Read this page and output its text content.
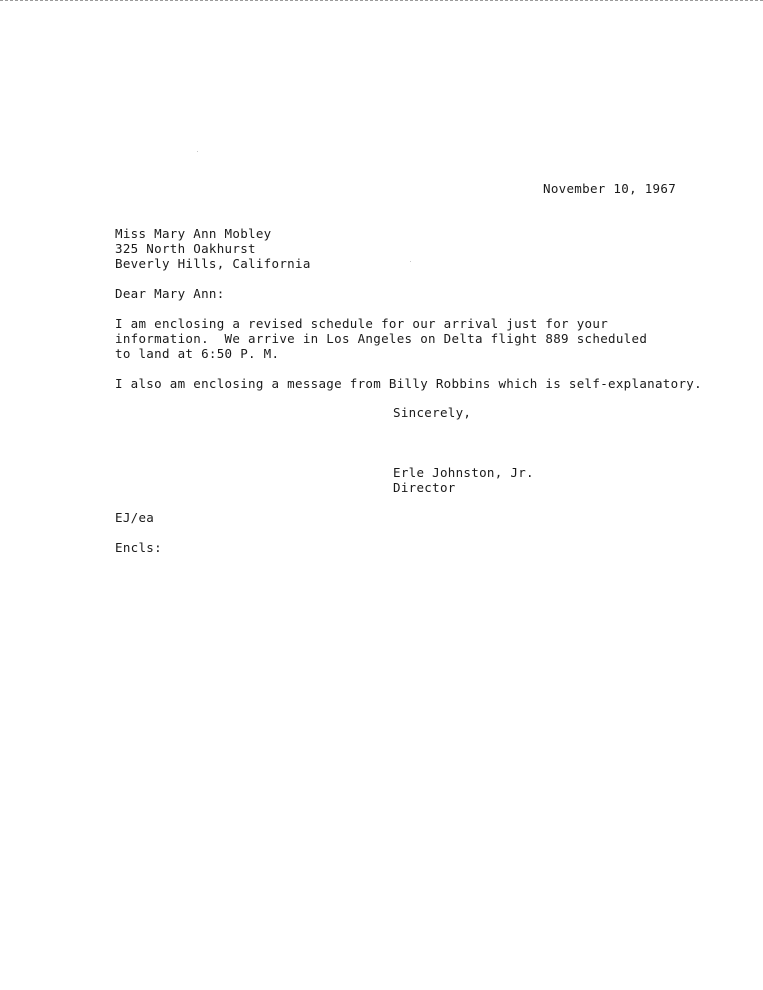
November 10, 1967
Miss Mary Ann Mobley
325 North Oakhurst
Beverly Hills, California
Dear Mary Ann:
I am enclosing a revised schedule for our arrival just for your
information.  We arrive in Los Angeles on Delta flight 889 scheduled
to land at 6:50 P. M.
I also am enclosing a message from Billy Robbins which is self-explanatory.
Sincerely,
Erle Johnston, Jr.
Director
EJ/ea
Encls:
